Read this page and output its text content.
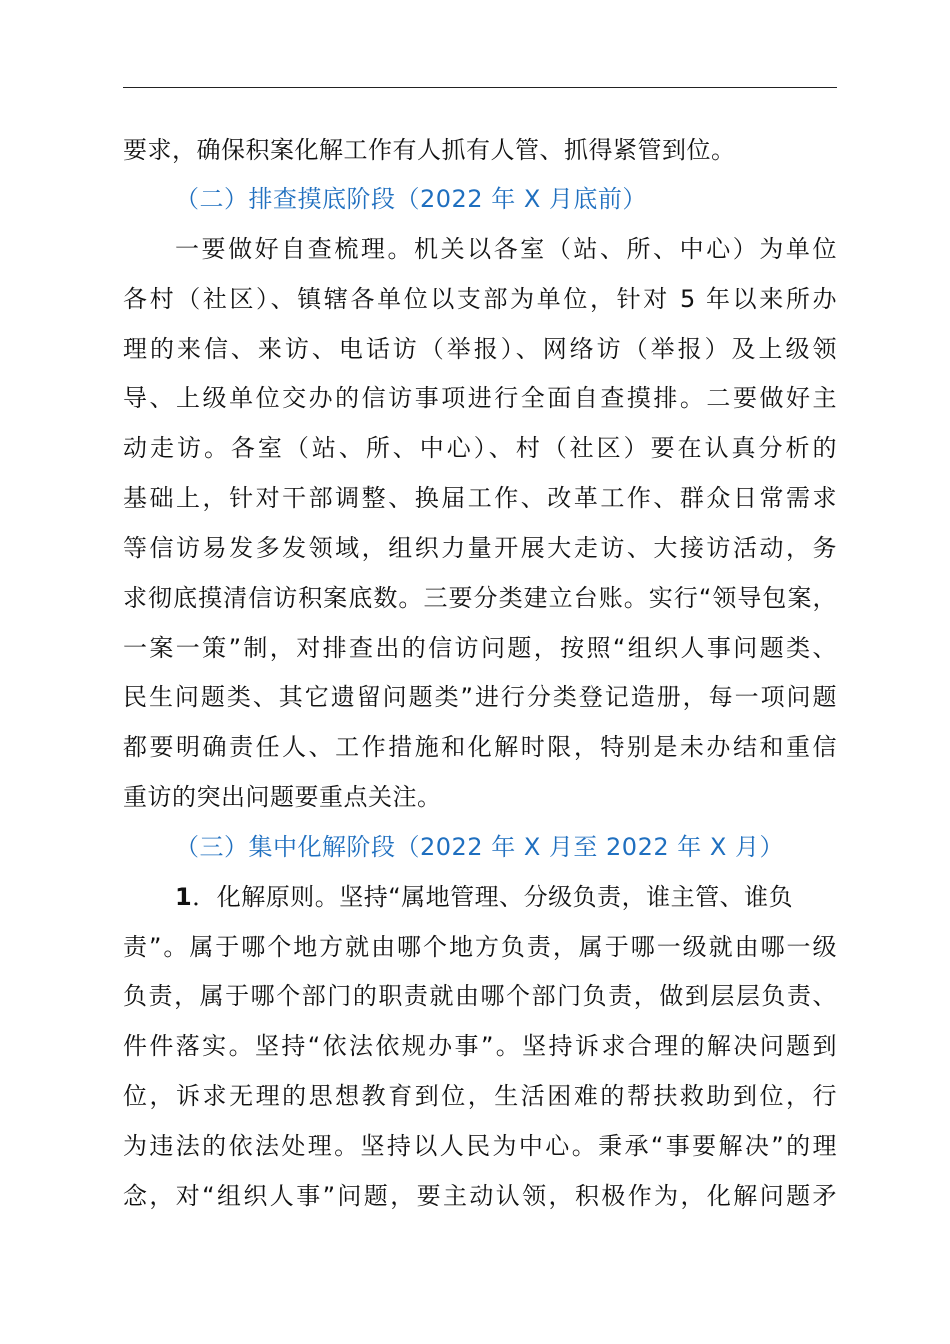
要求，确保积案化解工作有人抓有人管、抓得紧管到位。
（二）排查摸底阶段（2022 年 X 月底前）
一要做好自查梳理。机关以各室（站、所、中心）为单位
各村（社区）、镇辖各单位以支部为单位，针对 5 年以来所办
理的来信、来访、电话访（举报）、网络访（举报）及上级领
导、上级单位交办的信访事项进行全面自查摸排。二要做好主
动走访。各室（站、所、中心）、村（社区）要在认真分析的
基础上，针对干部调整、换届工作、改革工作、群众日常需求
等信访易发多发领域，组织力量开展大走访、大接访活动，务
求彻底摸清信访积案底数。三要分类建立台账。实行“领导包案，
一案一策”制，对排查出的信访问题，按照“组织人事问题类、
民生问题类、其它遗留问题类”进行分类登记造册，每一项问题
都要明确责任人、工作措施和化解时限，特别是未办结和重信
重访的突出问题要重点关注。
（三）集中化解阶段（2022 年 X 月至 2022 年 X 月）
1．化解原则。坚持“属地管理、分级负责，谁主管、谁负
责”。属于哪个地方就由哪个地方负责，属于哪一级就由哪一级
负责，属于哪个部门的职责就由哪个部门负责，做到层层负责、
件件落实。坚持“依法依规办事”。坚持诉求合理的解决问题到
位，诉求无理的思想教育到位，生活困难的帮扶救助到位，行
为违法的依法处理。坚持以人民为中心。秉承“事要解决”的理
念，对“组织人事”问题，要主动认领，积极作为，化解问题矛
